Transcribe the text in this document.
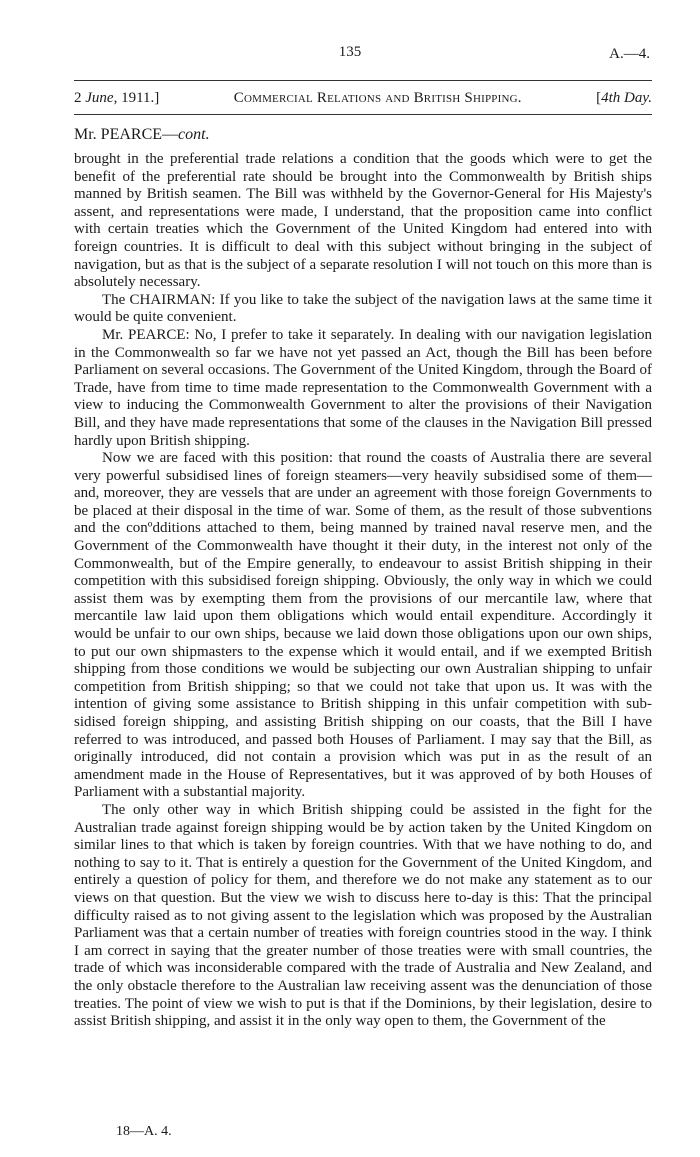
135	A.—4.
2 June, 1911.]	Commercial Relations and British Shipping.	[4th Day.
Mr. PEARCE—cont.

brought in the preferential trade relations a condition that the goods which were to get the benefit of the preferential rate should be brought into the Commonwealth by British ships manned by British seamen. The Bill was withheld by the Governor-General for His Majesty's assent, and representations were made, I understand, that the proposition came into conflict with certain treaties which the Government of the United Kingdom had entered into with foreign countries. It is difficult to deal with this subject without bringing in the subject of navigation, but as that is the subject of a separate resolution I will not touch on this more than is absolutely necessary.

The CHAIRMAN: If you like to take the subject of the navigation laws at the same time it would be quite convenient.

Mr. PEARCE: No, I prefer to take it separately. In dealing with our navigation legislation in the Commonwealth so far we have not yet passed an Act, though the Bill has been before Parliament on several occasions. The Government of the United Kingdom, through the Board of Trade, have from time to time made representation to the Commonwealth Government with a view to inducing the Commonwealth Government to alter the provisions of their Navigation Bill, and they have made representations that some of the clauses in the Navigation Bill pressed hardly upon British shipping.

Now we are faced with this position: that round the coasts of Australia there are several very powerful subsidised lines of foreign steamers—very heavily subsidised some of them—and, moreover, they are vessels that are under an agreement with those foreign Governments to be placed at their disposal in the time of war. Some of them, as the result of those subventions and the conºdditions attached to them, being manned by trained naval reserve men, and the Government of the Commonwealth have thought it their duty, in the interest not only of the Commonwealth, but of the Empire generally, to endeavour to assist British shipping in their competition with this subsidised foreign shipping. Obviously, the only way in which we could assist them was by exempting them from the provisions of our mercantile law, where that mercantile law laid upon them obligations which would entail expenditure. Accordingly it would be unfair to our own ships, because we laid down those obligations upon our own ships, to put our own shipmasters to the expense which it would entail, and if we exempted British shipping from those conditions we would be subjecting our own Australian shipping to unfair competition from British shipping; so that we could not take that upon us. It was with the intention of giving some assistance to British shipping in this unfair competition with subsidised foreign shipping, and assisting British shipping on our coasts, that the Bill I have referred to was introduced, and passed both Houses of Parliament. I may say that the Bill, as originally introduced, did not contain a provision which was put in as the result of an amendment made in the House of Representatives, but it was approved of by both Houses of Parliament with a substantial majority.

The only other way in which British shipping could be assisted in the fight for the Australian trade against foreign shipping would be by action taken by the United Kingdom on similar lines to that which is taken by foreign countries. With that we have nothing to do, and nothing to say to it. That is entirely a question for the Government of the United Kingdom, and entirely a question of policy for them, and therefore we do not make any statement as to our views on that question. But the view we wish to discuss here to-day is this: That the principal difficulty raised as to not giving assent to the legislation which was proposed by the Australian Parliament was that a certain number of treaties with foreign countries stood in the way. I think I am correct in saying that the greater number of those treaties were with small countries, the trade of which was inconsiderable compared with the trade of Australia and New Zealand, and the only obstacle therefore to the Australian law receiving assent was the denunciation of those treaties. The point of view we wish to put is that if the Dominions, by their legislation, desire to assist British shipping, and assist it in the only way open to them, the Government of the

18—A. 4.
